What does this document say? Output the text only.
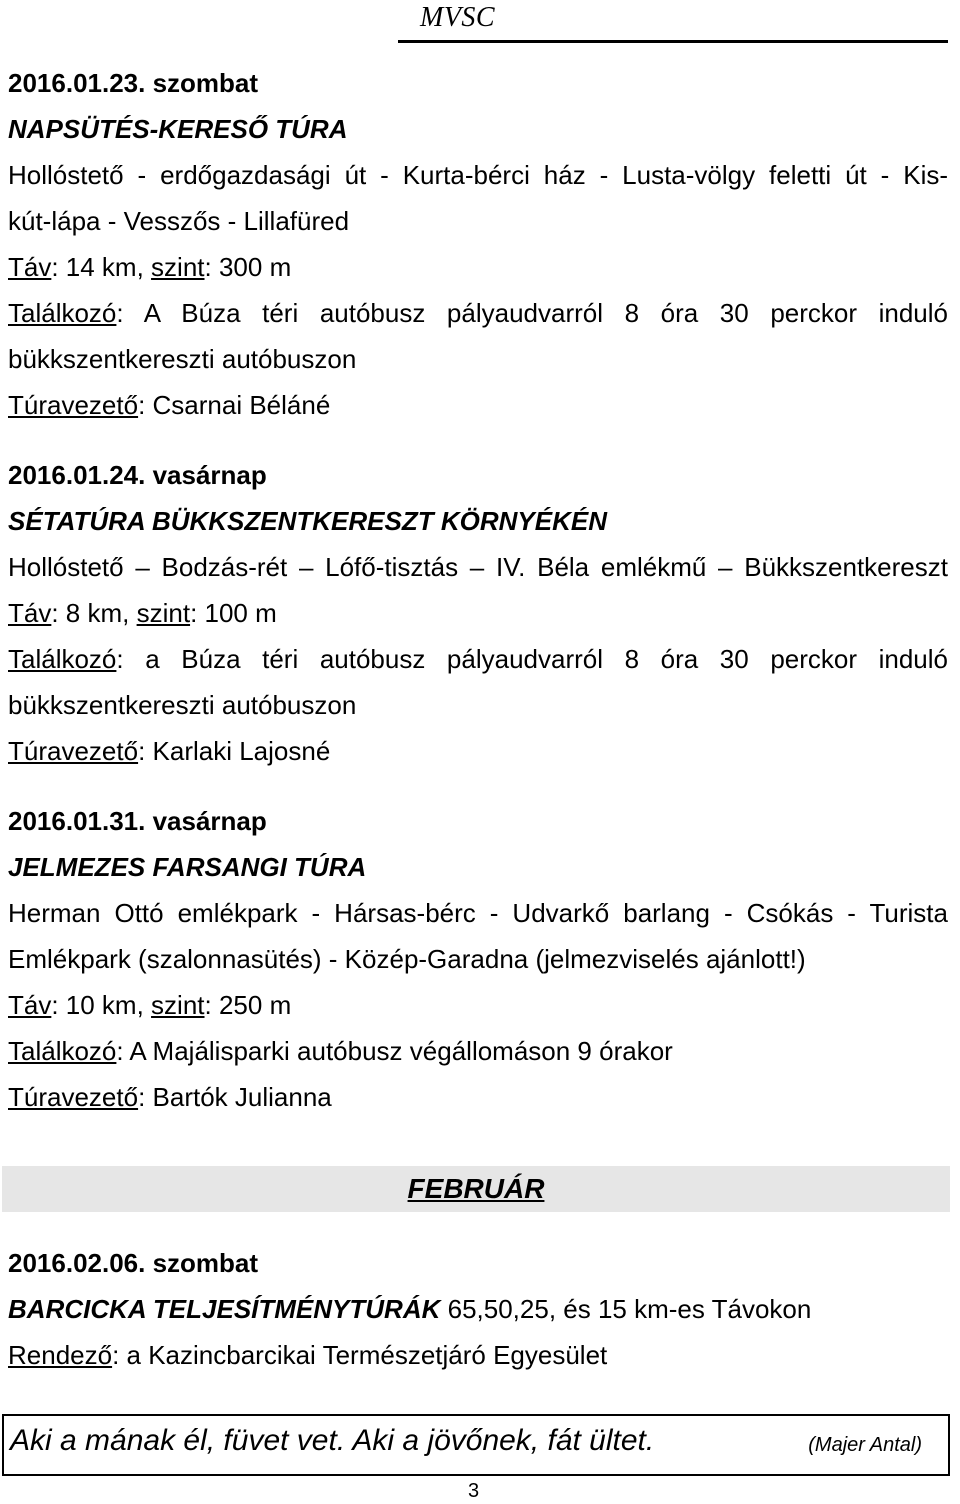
MVSC
2016.01.23. szombat
NAPSÜTÉS-KERESŐ TÚRA
Hollóstető - erdőgazdasági út - Kurta-bérci ház - Lusta-völgy feletti út - Kis-
kút-lápa - Vesszős - Lillafüred
Táv: 14 km, szint: 300 m
Találkozó: A Búza téri autóbusz pályaudvarról 8 óra 30 perckor induló
bükkszentkereszti autóbuszon
Túravezető: Csarnai Béláné
2016.01.24. vasárnap
SÉTATÚRA BÜKKSZENTKERESZT KÖRNYÉKÉN
Hollóstető – Bodzás-rét – Lófő-tisztás – IV. Béla emlékmű – Bükkszentkereszt
Táv: 8 km, szint: 100 m
Találkozó: a Búza téri autóbusz pályaudvarról 8 óra 30 perckor induló
bükkszentkereszti autóbuszon
Túravezető: Karlaki Lajosné
2016.01.31. vasárnap
JELMEZES FARSANGI TÚRA
Herman Ottó emlékpark - Hársas-bérc - Udvarkő barlang - Csókás - Turista
Emlékpark (szalonnasütés) - Közép-Garadna (jelmezviselés ajánlott!)
Táv: 10 km, szint: 250 m
Találkozó: A Majálisparki autóbusz végállomáson 9 órakor
Túravezető: Bartók Julianna
FEBRUÁR
2016.02.06. szombat
BARCICKA TELJESÍTMÉNYTÚRÁK 65,50,25, és 15 km-es Távokon
Rendező: a Kazincbarcikai Természetjáró Egyesület
Aki a mának él, füvet vet. Aki a jövőnek, fát ültet.	(Majer Antal)
3
